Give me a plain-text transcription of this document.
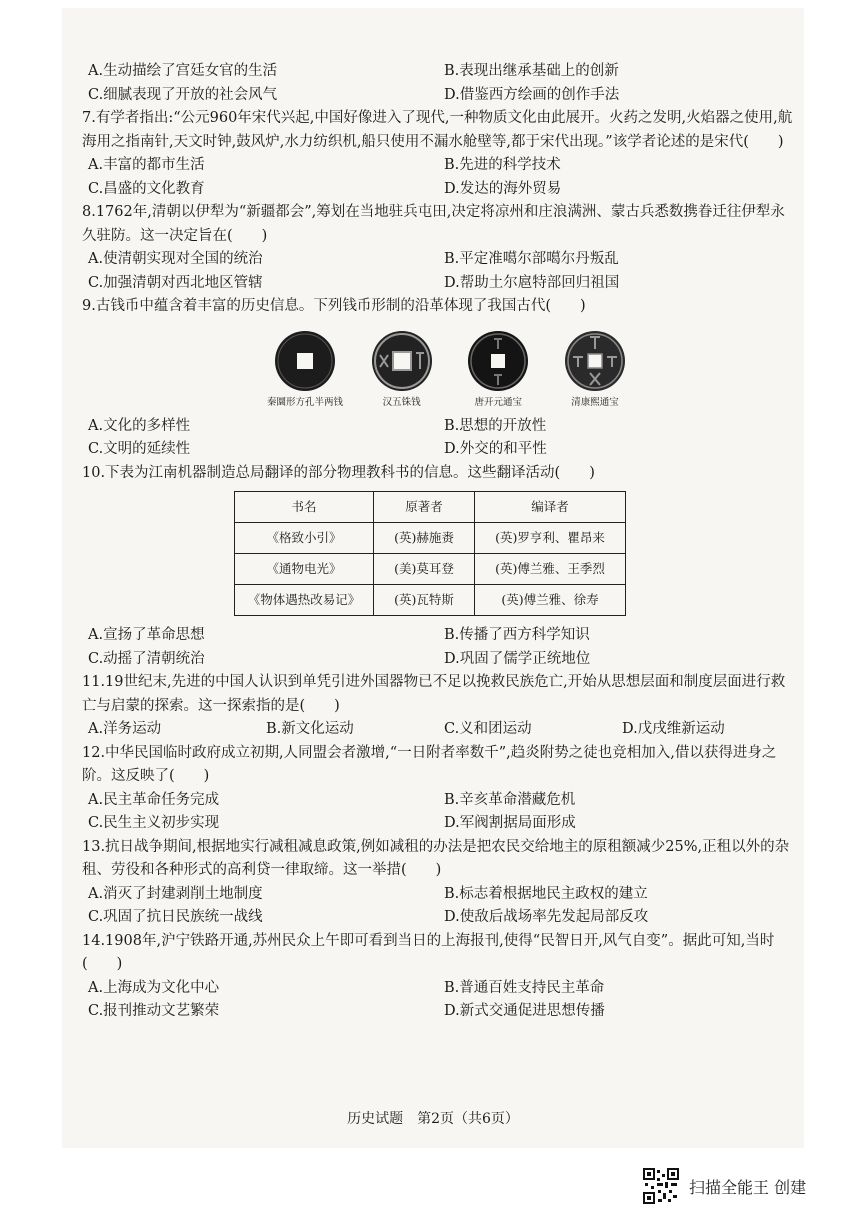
A.生动描绘了宫廷女官的生活	B.表现出继承基础上的创新
C.细腻表现了开放的社会风气	D.借鉴西方绘画的创作手法
7.有学者指出:“公元960年宋代兴起,中国好像进入了现代,一种物质文化由此展开。火药之发明,火焰器之使用,航海用之指南针,天文时钟,鼓风炉,水力纺织机,船只使用不漏水舱壁等,都于宋代出现。”该学者论述的是宋代(　　)
A.丰富的都市生活	B.先进的科学技术
C.昌盛的文化教育	D.发达的海外贸易
8.1762年,清朝以伊犁为“新疆都会”,筹划在当地驻兵屯田,决定将凉州和庄浪满洲、蒙古兵悉数携眷迁往伊犁永久驻防。这一决定旨在(　　)
A.使清朝实现对全国的统治	B.平定准噶尔部噶尔丹叛乱
C.加强清朝对西北地区管辖	D.帮助土尔扈特部回归祖国
9.古钱币中蕴含着丰富的历史信息。下列钱币形制的沿革体现了我国古代(　　)
秦圜形方孔半两钱	汉五铢钱	唐开元通宝	清康熙通宝
A.文化的多样性	B.思想的开放性
C.文明的延续性	D.外交的和平性
10.下表为江南机器制造总局翻译的部分物理教科书的信息。这些翻译活动(　　)
书名	原著者	编译者
《格致小引》	(英)赫施赉	(英)罗亨利、瞿昂来
《通物电光》	(美)莫耳登	(英)傅兰雅、王季烈
《物体遇热改易记》	(英)瓦特斯	(英)傅兰雅、徐寿
A.宣扬了革命思想	B.传播了西方科学知识
C.动摇了清朝统治	D.巩固了儒学正统地位
11.19世纪末,先进的中国人认识到单凭引进外国器物已不足以挽救民族危亡,开始从思想层面和制度层面进行救亡与启蒙的探索。这一探索指的是(　　)
A.洋务运动	B.新文化运动	C.义和团运动	D.戊戌维新运动
12.中华民国临时政府成立初期,人同盟会者激增,“一日附者率数千”,趋炎附势之徒也竞相加入,借以获得进身之阶。这反映了(　　)
A.民主革命任务完成	B.辛亥革命潜藏危机
C.民生主义初步实现	D.军阀割据局面形成
13.抗日战争期间,根据地实行减租减息政策,例如减租的办法是把农民交给地主的原租额减少25%,正租以外的杂租、劳役和各种形式的高利贷一律取缔。这一举措(　　)
A.消灭了封建剥削土地制度	B.标志着根据地民主政权的建立
C.巩固了抗日民族统一战线	D.使敌后战场率先发起局部反攻
14.1908年,沪宁铁路开通,苏州民众上午即可看到当日的上海报刊,使得“民智日开,风气自变”。据此可知,当时(　　)
A.上海成为文化中心	B.普通百姓支持民主革命
C.报刊推动文艺繁荣	D.新式交通促进思想传播
历史试题　第2页（共6页）
扫描全能王 创建
